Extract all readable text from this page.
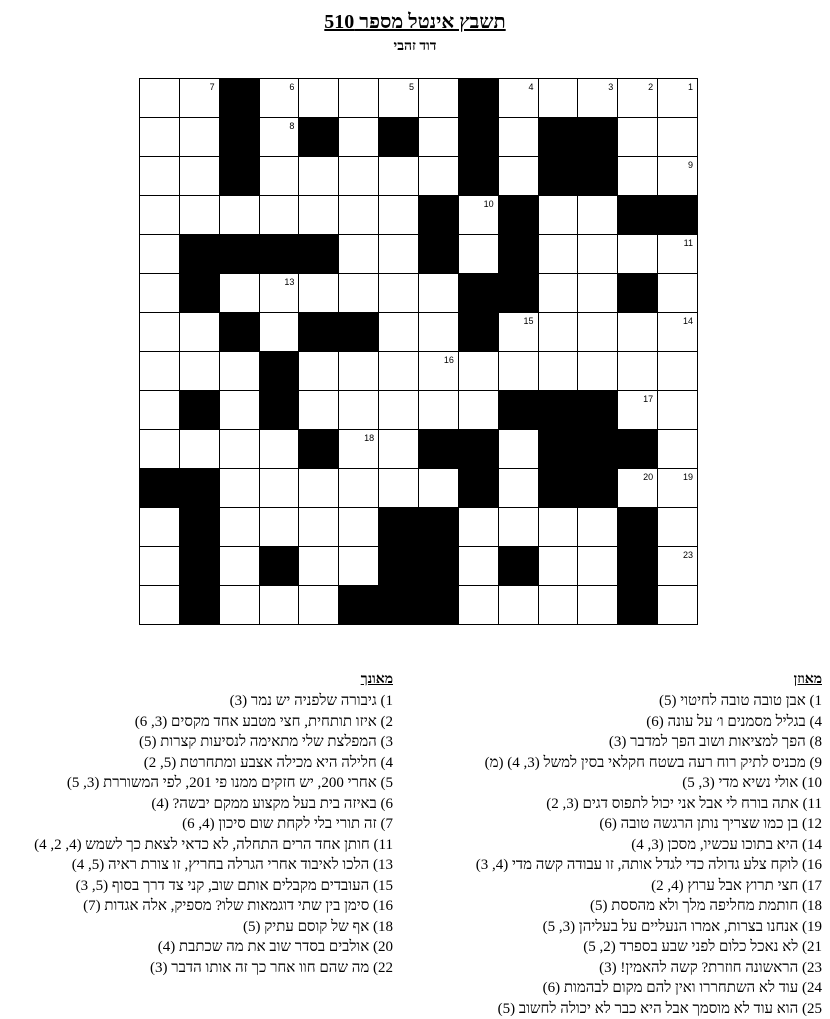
תשבץ אינטל מספר 510
דוד זהבי
1
2
3
4
5
6
7
8
9
10
11
12
13
14
15
16
17
18
19
20
21
22
23
24
25
מאוזן
1) אבן טובה טובה לחיטוי (5)
4) בגליל מסמנים ו׳ על עונה (6)
8) הפך למציאות ושוב הפך למדבר (3)
9) מכניס לתיק רוח רעה בשטח חקלאי בסין למשל (3, 4) (מ)
10) אולי נשיא מדי (3, 5)
11) אתה בורח לי אבל אני יכול לתפוס דגים (3, 2)
12) בן כמו שצריך נותן הרגשה טובה (6)
14) היא בתוכו עכשיו, מסכן (3, 4)
16) לוקח צלע גדולה כדי לגדל אותה, זו עבודה קשה מדי (4, 3)
17) חצי תרוץ אבל ערוץ (4, 2)
18) חותמת מחליפה מלך ולא מהססת (5)
19) אנחנו בצרות, אמרו הנעליים על בעליהן (3, 5)
21) לא נאכל כלום לפני שבע בספרד (2, 5)
23) הראשונה חוזרת? קשה להאמין! (3)
24) עוד לא השתחררו ואין להם מקום לבהמות (6)
25) הוא עוד לא מוסמך אבל היא כבר לא יכולה לחשוב (5)
מאונך
1) גיבורה שלפניה יש נמר (3)
2) איזו תותחית, חצי מטבע אחד מקסים (3, 6)
3) המפלצת שלי מתאימה לנסיעות קצרות (5)
4) חלילה היא מכילה אצבע ומתחרטת (5, 2)
5) אחרי 200, יש חזקים ממנו פי 201, לפי המשוררת (3, 5)
6) באיזה בית בעל מקצוע ממקם יבשה? (4)
7) זה תורי בלי לקחת שום סיכון (4, 6)
11) חותן אחד הרים התחלה, לא כדאי לצאת כך לשמש (4, 2, 4)
13) הלכו לאיבוד אחרי הגרלה בחריץ, זו צורת ראיה (5, 4)
15) העובדים מקבלים אותם שוב, קני צד דרך בסוף (5, 3)
16) סימן בין שתי דוגמאות שלו? מספיק, אלה אגדות (7)
18) אף של קוסם עתיק (5)
20) אולבים בסדר שוב את מה שכתבת (4)
22) מה שהם חוו אחר כך זה אותו הדבר (3)
